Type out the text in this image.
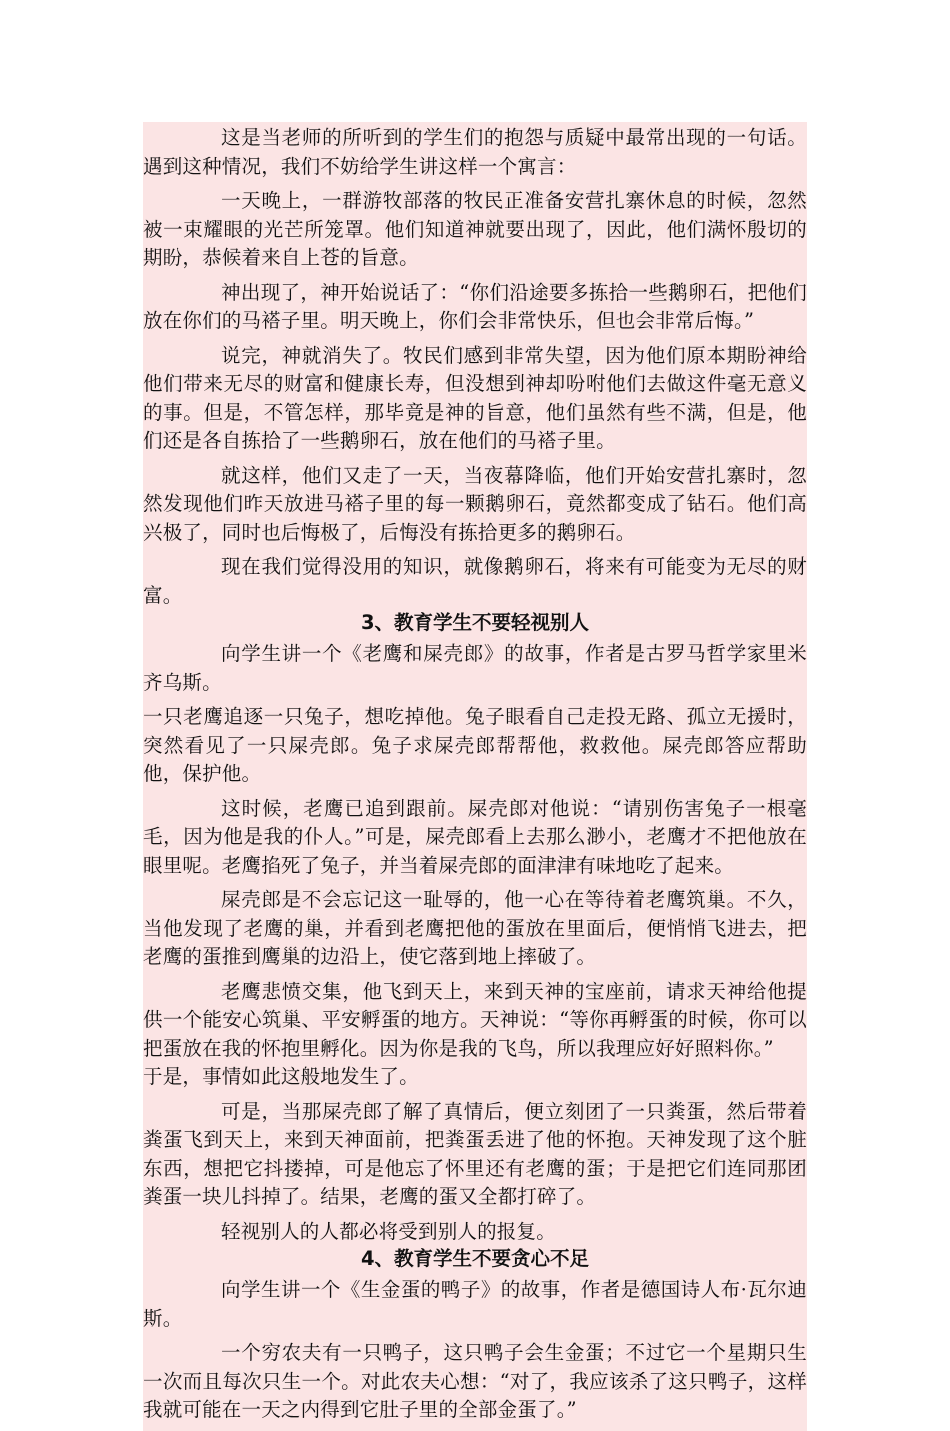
这是当老师的所听到的学生们的抱怨与质疑中最常出现的一句话。遇到这种情况，我们不妨给学生讲这样一个寓言：

一天晚上，一群游牧部落的牧民正准备安营扎寨休息的时候，忽然被一束耀眼的光芒所笼罩。他们知道神就要出现了，因此，他们满怀殷切的期盼，恭候着来自上苍的旨意。

神出现了，神开始说话了：“你们沿途要多拣拾一些鹅卵石，把他们放在你们的马褡子里。明天晚上，你们会非常快乐，但也会非常后悔。”

说完，神就消失了。牧民们感到非常失望，因为他们原本期盼神给他们带来无尽的财富和健康长寿，但没想到神却吩咐他们去做这件毫无意义的事。但是，不管怎样，那毕竟是神的旨意，他们虽然有些不满，但是，他们还是各自拣拾了一些鹅卵石，放在他们的马褡子里。

就这样，他们又走了一天，当夜幕降临，他们开始安营扎寨时，忽然发现他们昨天放进马褡子里的每一颗鹅卵石，竟然都变成了钻石。他们高兴极了，同时也后悔极了，后悔没有拣拾更多的鹅卵石。

现在我们觉得没用的知识，就像鹅卵石，将来有可能变为无尽的财富。

3、教育学生不要轻视别人

向学生讲一个《老鹰和屎壳郎》的故事，作者是古罗马哲学家里米齐乌斯。

一只老鹰追逐一只兔子，想吃掉他。兔子眼看自己走投无路、孤立无援时，突然看见了一只屎壳郎。兔子求屎壳郎帮帮他，救救他。屎壳郎答应帮助他，保护他。

这时候，老鹰已追到跟前。屎壳郎对他说：“请别伤害兔子一根毫毛，因为他是我的仆人。”可是，屎壳郎看上去那么渺小，老鹰才不把他放在眼里呢。老鹰掐死了兔子，并当着屎壳郎的面津津有味地吃了起来。

屎壳郎是不会忘记这一耻辱的，他一心在等待着老鹰筑巢。不久，当他发现了老鹰的巢，并看到老鹰把他的蛋放在里面后，便悄悄飞进去，把老鹰的蛋推到鹰巢的边沿上，使它落到地上摔破了。

老鹰悲愤交集，他飞到天上，来到天神的宝座前，请求天神给他提供一个能安心筑巢、平安孵蛋的地方。天神说：“等你再孵蛋的时候，你可以把蛋放在我的怀抱里孵化。因为你是我的飞鸟，所以我理应好好照料你。”

于是，事情如此这般地发生了。

可是，当那屎壳郎了解了真情后，便立刻团了一只粪蛋，然后带着粪蛋飞到天上，来到天神面前，把粪蛋丢进了他的怀抱。天神发现了这个脏东西，想把它抖搂掉，可是他忘了怀里还有老鹰的蛋；于是把它们连同那团粪蛋一块儿抖掉了。结果，老鹰的蛋又全都打碎了。

轻视别人的人都必将受到别人的报复。

4、教育学生不要贪心不足

向学生讲一个《生金蛋的鸭子》的故事，作者是德国诗人布·瓦尔迪斯。

一个穷农夫有一只鸭子，这只鸭子会生金蛋；不过它一个星期只生一次而且每次只生一个。对此农夫心想：“对了，我应该杀了这只鸭子，这样我就可能在一天之内得到它肚子里的全部金蛋了。”
